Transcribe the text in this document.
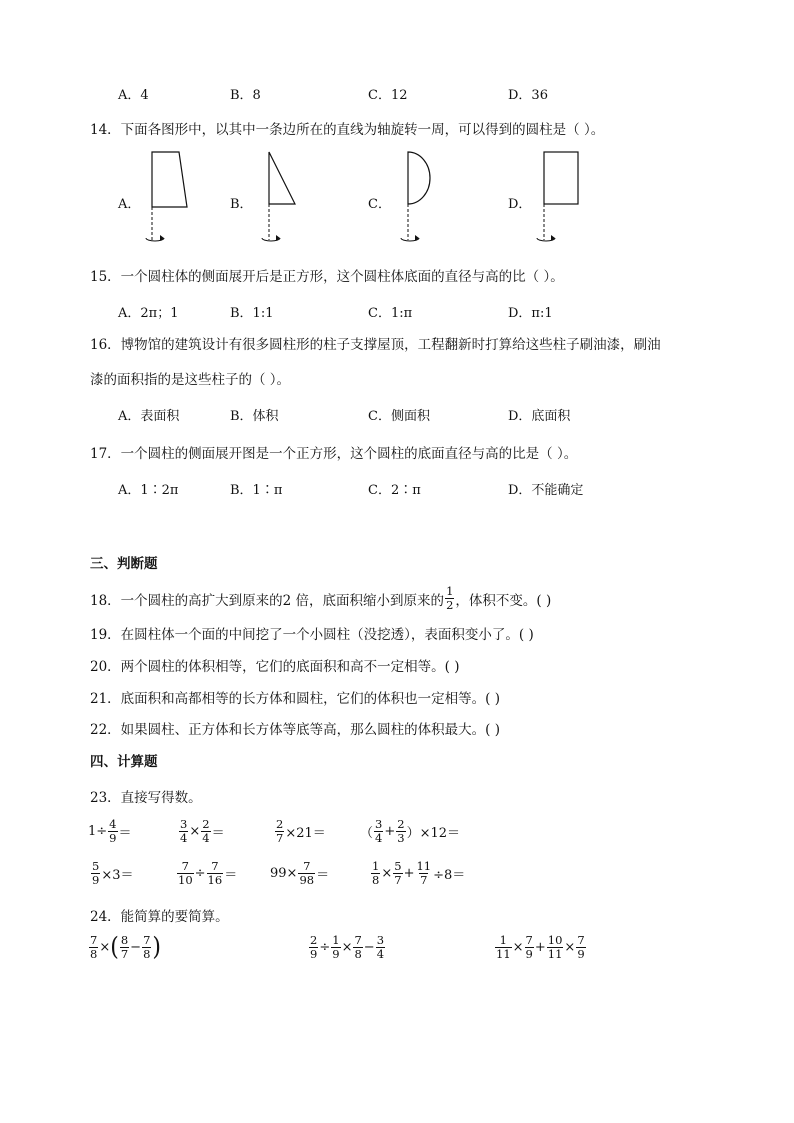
A．4	B．8	C．12	D．36
14．下面各图形中，以其中一条边所在的直线为轴旋转一周，可以得到的圆柱是（ ）。
A．	B．	C．	D．
15．一个圆柱体的侧面展开后是正方形，这个圆柱体底面的直径与高的比（ ）。
A．2π；1	B．1:1	C．1:π	D．π:1
16．博物馆的建筑设计有很多圆柱形的柱子支撑屋顶，工程翻新时打算给这些柱子刷油漆，刷油
漆的面积指的是这些柱子的（ ）。
A．表面积	B．体积	C．侧面积	D．底面积
17．一个圆柱的侧面展开图是一个正方形，这个圆柱的底面直径与高的比是（ ）。
A．1∶2π	B．1∶π	C．2∶π	D．不能确定
三、判断题
18．一个圆柱的高扩大到原来的2 倍，底面积缩小到原来的 $\frac{1}{2}$ ，体积不变。( )
19．在圆柱体一个面的中间挖了一个小圆柱（没挖透），表面积变小了。( )
20．两个圆柱的体积相等，它们的底面积和高不一定相等。( )
21．底面积和高都相等的长方体和圆柱，它们的体积也一定相等。( )
22．如果圆柱、正方体和长方体等底等高，那么圆柱的体积最大。( )
四、计算题
23．直接写得数。
$1\div \frac{4}{9}$ ＝	$\frac{3}{4} \times \frac{2}{4}$ ＝	$\frac{2}{7} \times 21=$	（ $\frac{3}{4} + \frac{2}{3} )\times 12=$
$\frac{5}{9} \times 3=$	$\frac{7}{10} \div \frac{7}{16}$ ＝	$99\times \frac{7}{98}$ ＝	$\frac{1}{8} \times \frac{5}{7} + \frac{11}{7} \div 8=$
24．能简算的要简算。
$\frac{7}{8}$ × ( $\frac{8}{7} - \frac{7}{8}$ )	$\frac{2}{9} \div \frac{1}{9} \times \frac{7}{8} - \frac{3}{4}$	$\frac{1}{11} \times \frac{7}{9} + \frac{10}{11} \times \frac{7}{9}$
